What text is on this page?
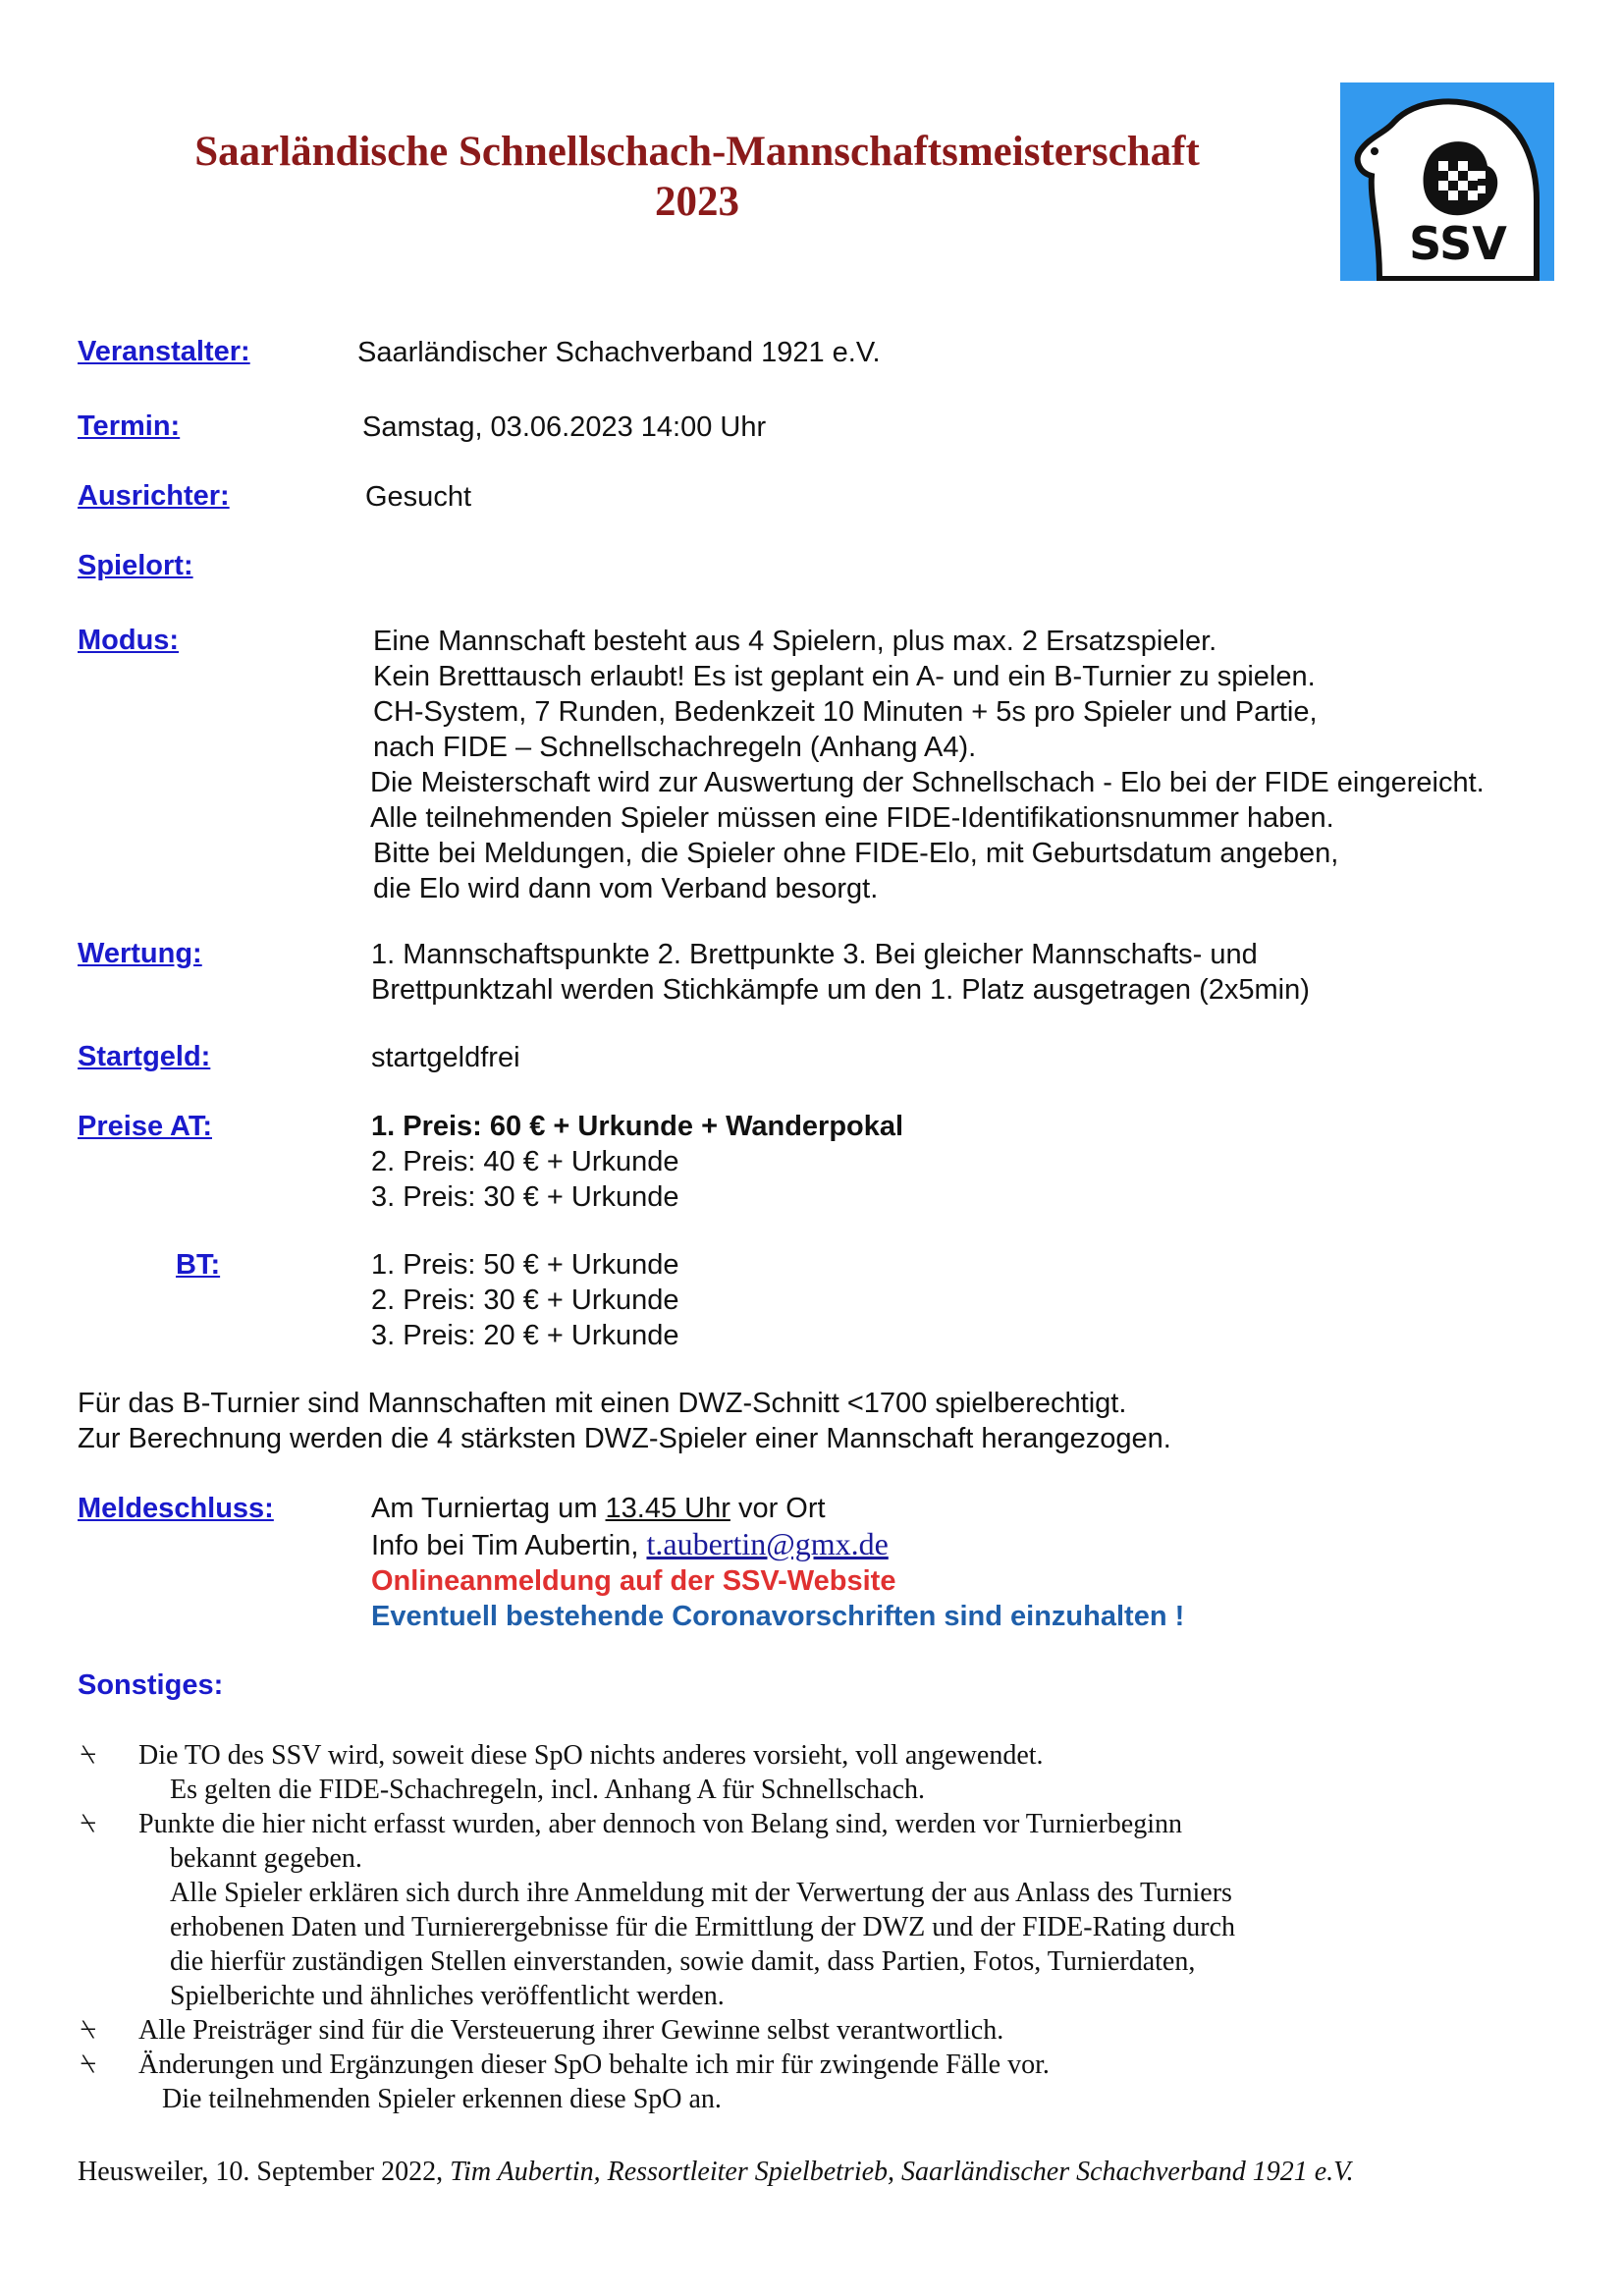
Saarländische Schnellschach-Mannschaftsmeisterschaft
2023
SSV
Veranstalter:	Saarländischer Schachverband 1921 e.V.
Termin:	Samstag, 03.06.2023 14:00 Uhr
Ausrichter:	Gesucht
Spielort:
Modus:	Eine Mannschaft besteht aus 4 Spielern, plus max. 2 Ersatzspieler.
Kein Bretttausch erlaubt! Es ist geplant ein A- und ein B-Turnier zu spielen.
CH-System, 7 Runden, Bedenkzeit 10 Minuten + 5s pro Spieler und Partie,
nach FIDE – Schnellschachregeln (Anhang A4).
Die Meisterschaft wird zur Auswertung der Schnellschach - Elo bei der FIDE eingereicht.
Alle teilnehmenden Spieler müssen eine FIDE-Identifikationsnummer haben.
Bitte bei Meldungen, die Spieler ohne FIDE-Elo, mit Geburtsdatum angeben,
die Elo wird dann vom Verband besorgt.
Wertung:	1. Mannschaftspunkte 2. Brettpunkte 3. Bei gleicher Mannschafts- und
Brettpunktzahl werden Stichkämpfe um den 1. Platz ausgetragen (2x5min)
Startgeld:	startgeldfrei
Preise AT:	1. Preis: 60 € + Urkunde + Wanderpokal
2. Preis: 40 € + Urkunde
3. Preis: 30 € + Urkunde
BT:	1. Preis: 50 € + Urkunde
2. Preis: 30 € + Urkunde
3. Preis: 20 € + Urkunde
Für das B-Turnier sind Mannschaften mit einen DWZ-Schnitt <1700 spielberechtigt.
Zur Berechnung werden die 4 stärksten DWZ-Spieler einer Mannschaft herangezogen.
Meldeschluss:	Am Turniertag um 13.45 Uhr vor Ort
Info bei Tim Aubertin, t.aubertin@gmx.de
Onlineanmeldung auf der SSV-Website
Eventuell bestehende Coronavorschriften sind einzuhalten !
Sonstiges:
⍀	Die TO des SSV wird, soweit diese SpO nichts anderes vorsieht, voll angewendet.
Es gelten die FIDE-Schachregeln, incl. Anhang A für Schnellschach.
⍀	Punkte die hier nicht erfasst wurden, aber dennoch von Belang sind, werden vor Turnierbeginn
bekannt gegeben.
Alle Spieler erklären sich durch ihre Anmeldung mit der Verwertung der aus Anlass des Turniers
erhobenen Daten und Turnierergebnisse für die Ermittlung der DWZ und der FIDE-Rating durch
die hierfür zuständigen Stellen einverstanden, sowie damit, dass Partien, Fotos, Turnierdaten,
Spielberichte und ähnliches veröffentlicht werden.
⍀	Alle Preisträger sind für die Versteuerung ihrer Gewinne selbst verantwortlich.
⍀	Änderungen und Ergänzungen dieser SpO behalte ich mir für zwingende Fälle vor.
Die teilnehmenden Spieler erkennen diese SpO an.
Heusweiler, 10. September 2022, Tim Aubertin, Ressortleiter Spielbetrieb, Saarländischer Schachverband 1921 e.V.
